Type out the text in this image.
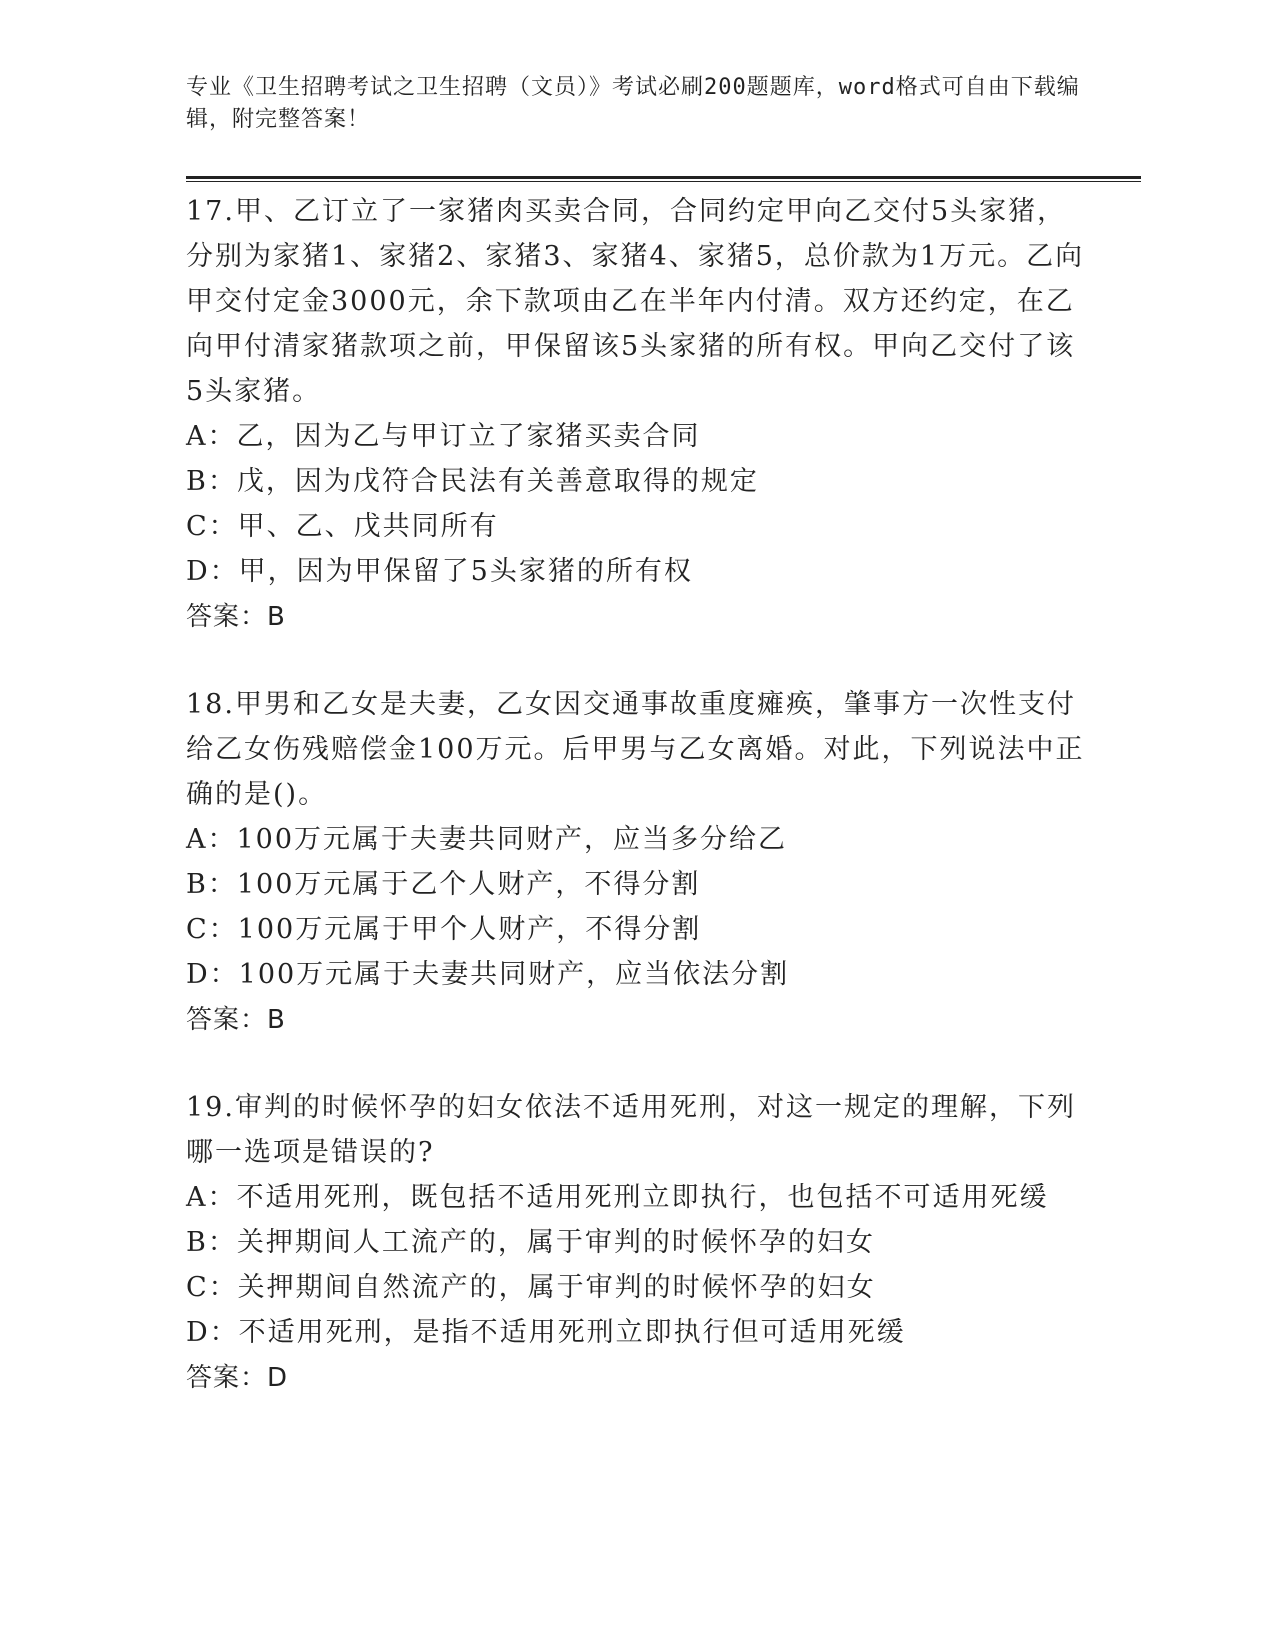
专业《卫生招聘考试之卫生招聘（文员）》考试必刷200题题库，word格式可自由下载编辑，附完整答案！

17.甲、乙订立了一家猪肉买卖合同，合同约定甲向乙交付5头家猪，分别为家猪1、家猪2、家猪3、家猪4、家猪5，总价款为1万元。乙向甲交付定金3000元，余下款项由乙在半年内付清。双方还约定，在乙向甲付清家猪款项之前，甲保留该5头家猪的所有权。甲向乙交付了该5头家猪。

A：乙，因为乙与甲订立了家猪买卖合同

B：戊，因为戊符合民法有关善意取得的规定

C：甲、乙、戊共同所有

D：甲，因为甲保留了5头家猪的所有权

答案：B

18.甲男和乙女是夫妻，乙女因交通事故重度瘫痪，肇事方一次性支付给乙女伤残赔偿金100万元。后甲男与乙女离婚。对此，下列说法中正确的是()。

A：100万元属于夫妻共同财产，应当多分给乙

B：100万元属于乙个人财产，不得分割

C：100万元属于甲个人财产，不得分割

D：100万元属于夫妻共同财产，应当依法分割

答案：B

19.审判的时候怀孕的妇女依法不适用死刑，对这一规定的理解，下列哪一选项是错误的?

A：不适用死刑，既包括不适用死刑立即执行，也包括不可适用死缓

B：关押期间人工流产的，属于审判的时候怀孕的妇女

C：关押期间自然流产的，属于审判的时候怀孕的妇女

D：不适用死刑，是指不适用死刑立即执行但可适用死缓

答案：D
